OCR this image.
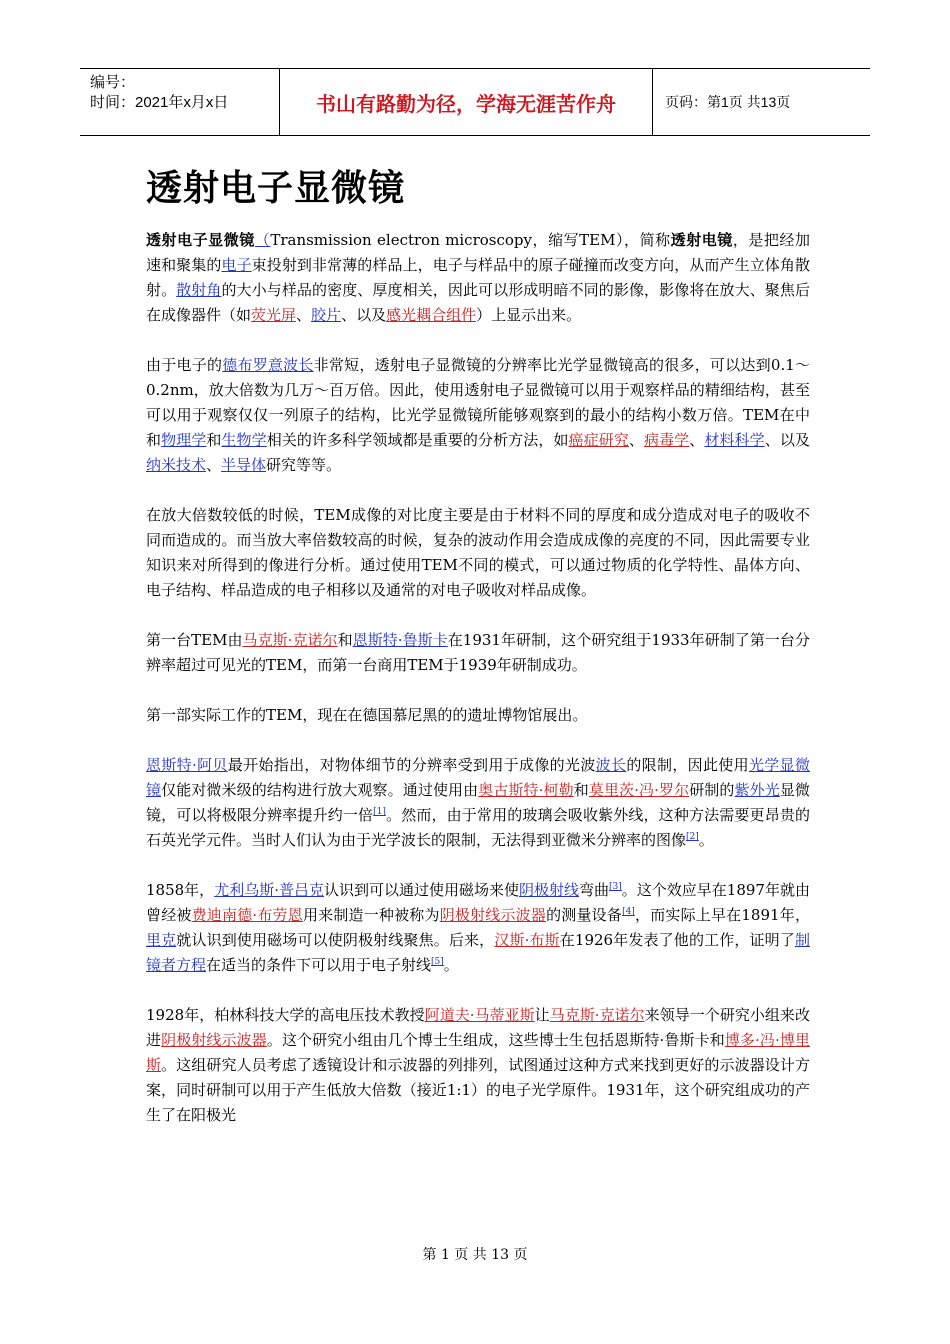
编号：
时间：2021年x月x日	书山有路勤为径，学海无涯苦作舟	页码：第1页 共13页
透射电子显微镜

透射电子显微镜（Transmission electron microscopy，缩写TEM），简称透射电镜，是把经加速和聚集的电子束投射到非常薄的样品上，电子与样品中的原子碰撞而改变方向，从而产生立体角散射。散射角的大小与样品的密度、厚度相关，因此可以形成明暗不同的影像，影像将在放大、聚焦后在成像器件（如荧光屏、胶片、以及感光耦合组件）上显示出来。

由于电子的德布罗意波长非常短，透射电子显微镜的分辨率比光学显微镜高的很多，可以达到0.1～0.2nm，放大倍数为几万～百万倍。因此，使用透射电子显微镜可以用于观察样品的精细结构，甚至可以用于观察仅仅一列原子的结构，比光学显微镜所能够观察到的最小的结构小数万倍。TEM在中和物理学和生物学相关的许多科学领域都是重要的分析方法，如癌症研究、病毒学、材料科学、以及纳米技术、半导体研究等等。

在放大倍数较低的时候，TEM成像的对比度主要是由于材料不同的厚度和成分造成对电子的吸收不同而造成的。而当放大率倍数较高的时候，复杂的波动作用会造成成像的亮度的不同，因此需要专业知识来对所得到的像进行分析。通过使用TEM不同的模式，可以通过物质的化学特性、晶体方向、电子结构、样品造成的电子相移以及通常的对电子吸收对样品成像。

第一台TEM由马克斯·克诺尔和恩斯特·鲁斯卡在1931年研制，这个研究组于1933年研制了第一台分辨率超过可见光的TEM，而第一台商用TEM于1939年研制成功。

第一部实际工作的TEM，现在在德国慕尼黑的的遗址博物馆展出。

恩斯特·阿贝最开始指出，对物体细节的分辨率受到用于成像的光波波长的限制，因此使用光学显微镜仅能对微米级的结构进行放大观察。通过使用由奥古斯特·柯勒和莫里茨·冯·罗尔研制的紫外光显微镜，可以将极限分辨率提升约一倍[1]。然而，由于常用的玻璃会吸收紫外线，这种方法需要更昂贵的石英光学元件。当时人们认为由于光学波长的限制，无法得到亚微米分辨率的图像[2]。

1858年，尤利乌斯·普吕克认识到可以通过使用磁场来使阴极射线弯曲[3]。这个效应早在1897年就由曾经被费迪南德·布劳恩用来制造一种被称为阴极射线示波器的测量设备[4]，而实际上早在1891年，里克就认识到使用磁场可以使阴极射线聚焦。后来，汉斯·布斯在1926年发表了他的工作，证明了制镜者方程在适当的条件下可以用于电子射线[5]。

1928年，柏林科技大学的高电压技术教授阿道夫·马蒂亚斯让马克斯·克诺尔来领导一个研究小组来改进阴极射线示波器。这个研究小组由几个博士生组成，这些博士生包括恩斯特·鲁斯卡和博多·冯·博里斯。这组研究人员考虑了透镜设计和示波器的列排列，试图通过这种方式来找到更好的示波器设计方案，同时研制可以用于产生低放大倍数（接近1:1）的电子光学原件。1931年，这个研究组成功的产生了在阳极光

第 1 页 共 13 页
